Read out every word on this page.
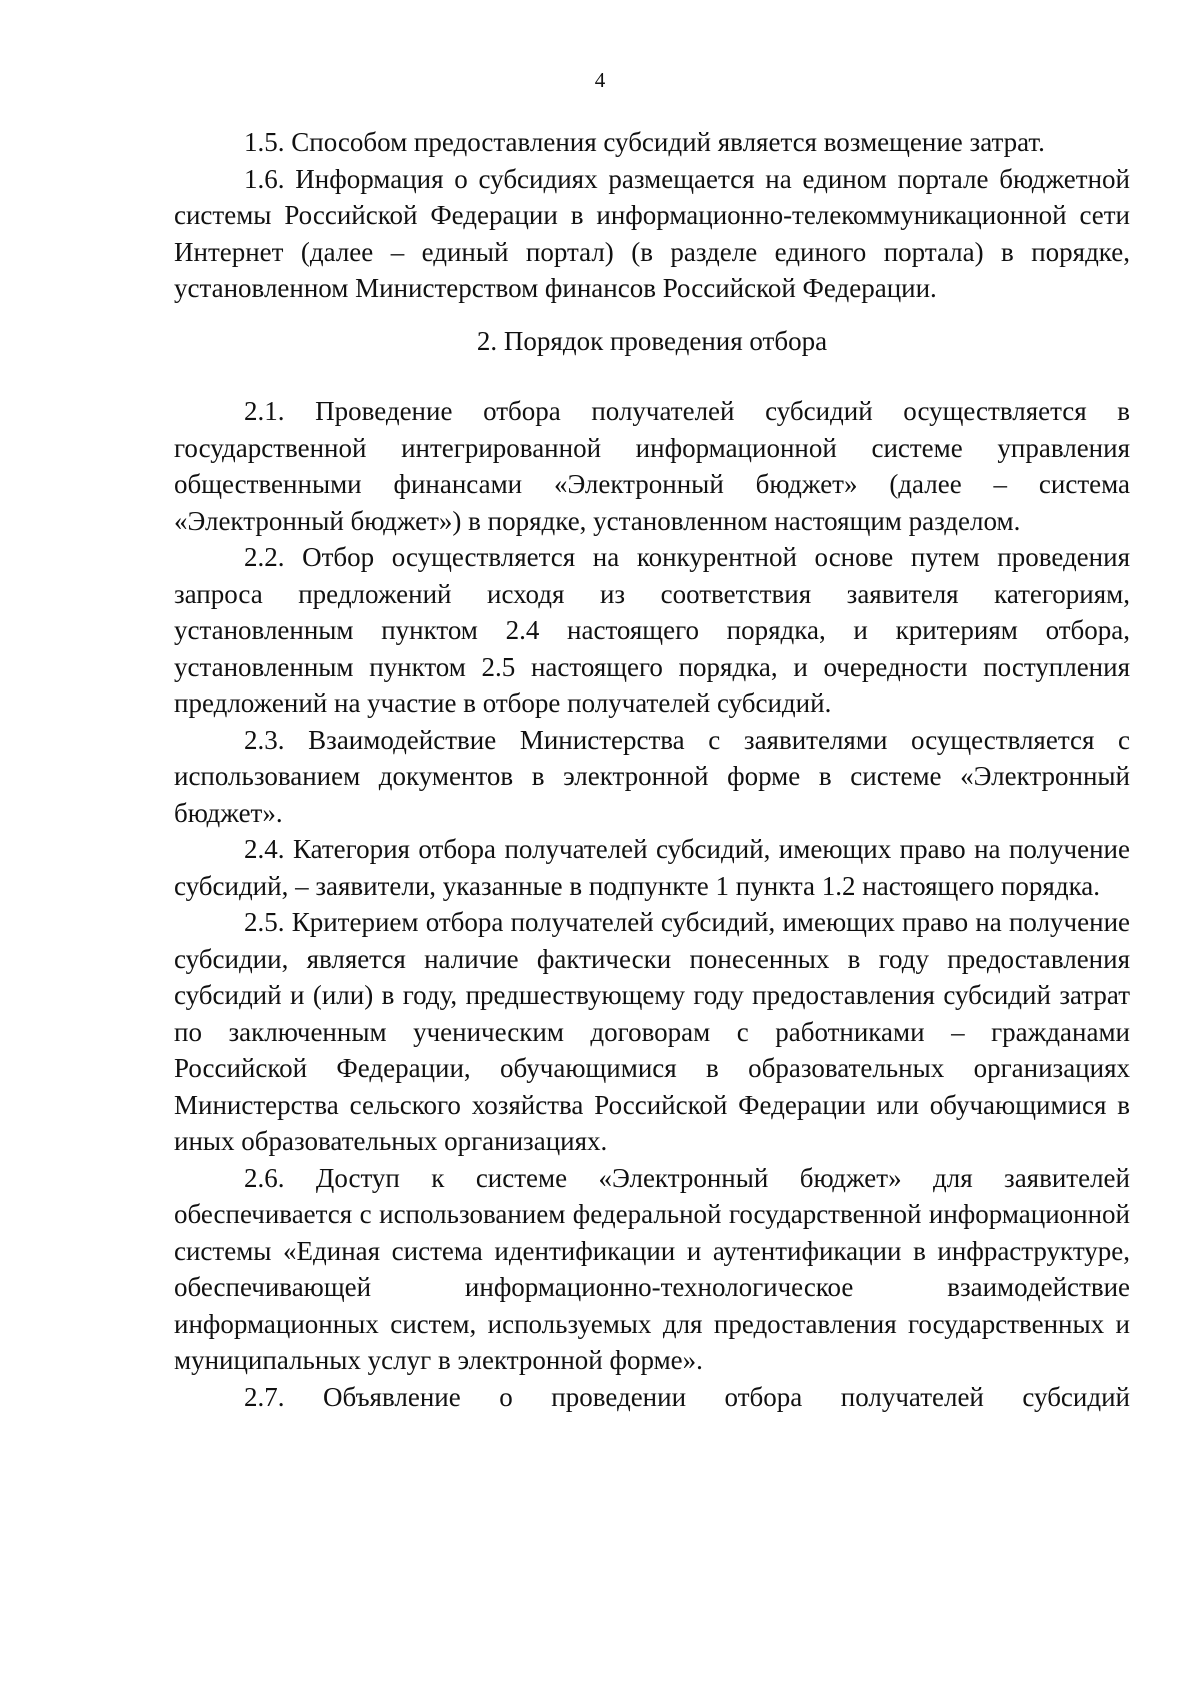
4

1.5. Способом предоставления субсидий является возмещение затрат.

1.6. Информация о субсидиях размещается на едином портале бюджетной системы Российской Федерации в информационно-телекоммуникационной сети Интернет (далее – единый портал) (в разделе единого портала) в порядке, установленном Министерством финансов Российской Федерации.

2. Порядок проведения отбора

2.1. Проведение отбора получателей субсидий осуществляется в государственной интегрированной информационной системе управления общественными финансами «Электронный бюджет» (далее – система «Электронный бюджет») в порядке, установленном настоящим разделом.

2.2. Отбор осуществляется на конкурентной основе путем проведения запроса предложений исходя из соответствия заявителя категориям, установленным пунктом 2.4 настоящего порядка, и критериям отбора, установленным пунктом 2.5 настоящего порядка, и очередности поступления предложений на участие в отборе получателей субсидий.

2.3. Взаимодействие Министерства с заявителями осуществляется с использованием документов в электронной форме в системе «Электронный бюджет».

2.4. Категория отбора получателей субсидий, имеющих право на получение субсидий, – заявители, указанные в подпункте 1 пункта 1.2 настоящего порядка.

2.5. Критерием отбора получателей субсидий, имеющих право на получение субсидии, является наличие фактически понесенных в году предоставления субсидий и (или) в году, предшествующему году предоставления субсидий затрат по заключенным ученическим договорам с работниками – гражданами Российской Федерации, обучающимися в образовательных организациях Министерства сельского хозяйства Российской Федерации или обучающимися в иных образовательных организациях.

2.6. Доступ к системе «Электронный бюджет» для заявителей обеспечивается с использованием федеральной государственной информационной системы «Единая система идентификации и аутентификации в инфраструктуре, обеспечивающей информационно-технологическое взаимодействие информационных систем, используемых для предоставления государственных и муниципальных услуг в электронной форме».

2.7. Объявление о проведении отбора получателей субсидий
